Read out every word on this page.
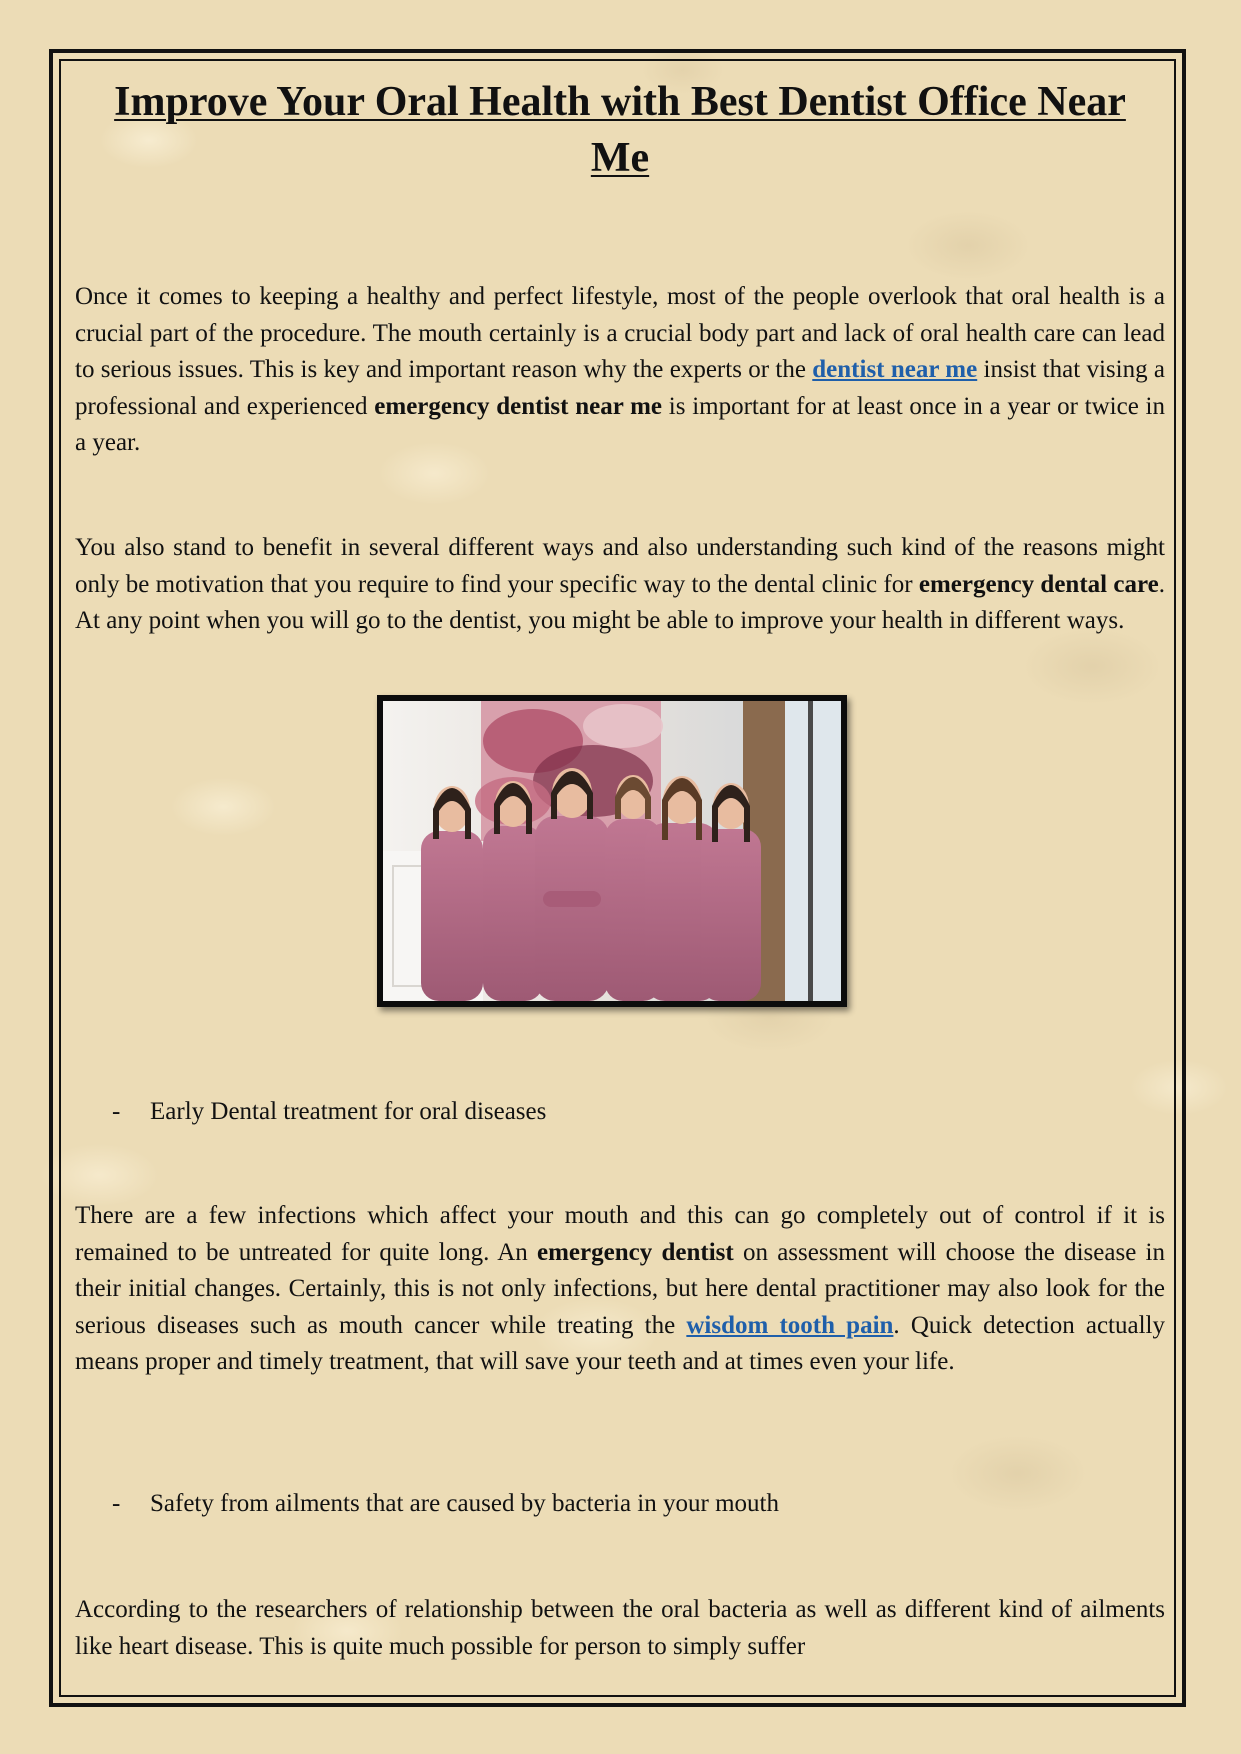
Improve Your Oral Health with Best Dentist Office Near Me

Once it comes to keeping a healthy and perfect lifestyle, most of the people overlook that oral health is a crucial part of the procedure. The mouth certainly is a crucial body part and lack of oral health care can lead to serious issues. This is key and important reason why the experts or the dentist near me insist that vising a professional and experienced emergency dentist near me is important for at least once in a year or twice in a year.

You also stand to benefit in several different ways and also understanding such kind of the reasons might only be motivation that you require to find your specific way to the dental clinic for emergency dental care. At any point when you will go to the dentist, you might be able to improve your health in different ways.

-	Early Dental treatment for oral diseases

There are a few infections which affect your mouth and this can go completely out of control if it is remained to be untreated for quite long. An emergency dentist on assessment will choose the disease in their initial changes. Certainly, this is not only infections, but here dental practitioner may also look for the serious diseases such as mouth cancer while treating the wisdom tooth pain. Quick detection actually means proper and timely treatment, that will save your teeth and at times even your life.

-	Safety from ailments that are caused by bacteria in your mouth

According to the researchers of relationship between the oral bacteria as well as different kind of ailments like heart disease. This is quite much possible for person to simply suffer
